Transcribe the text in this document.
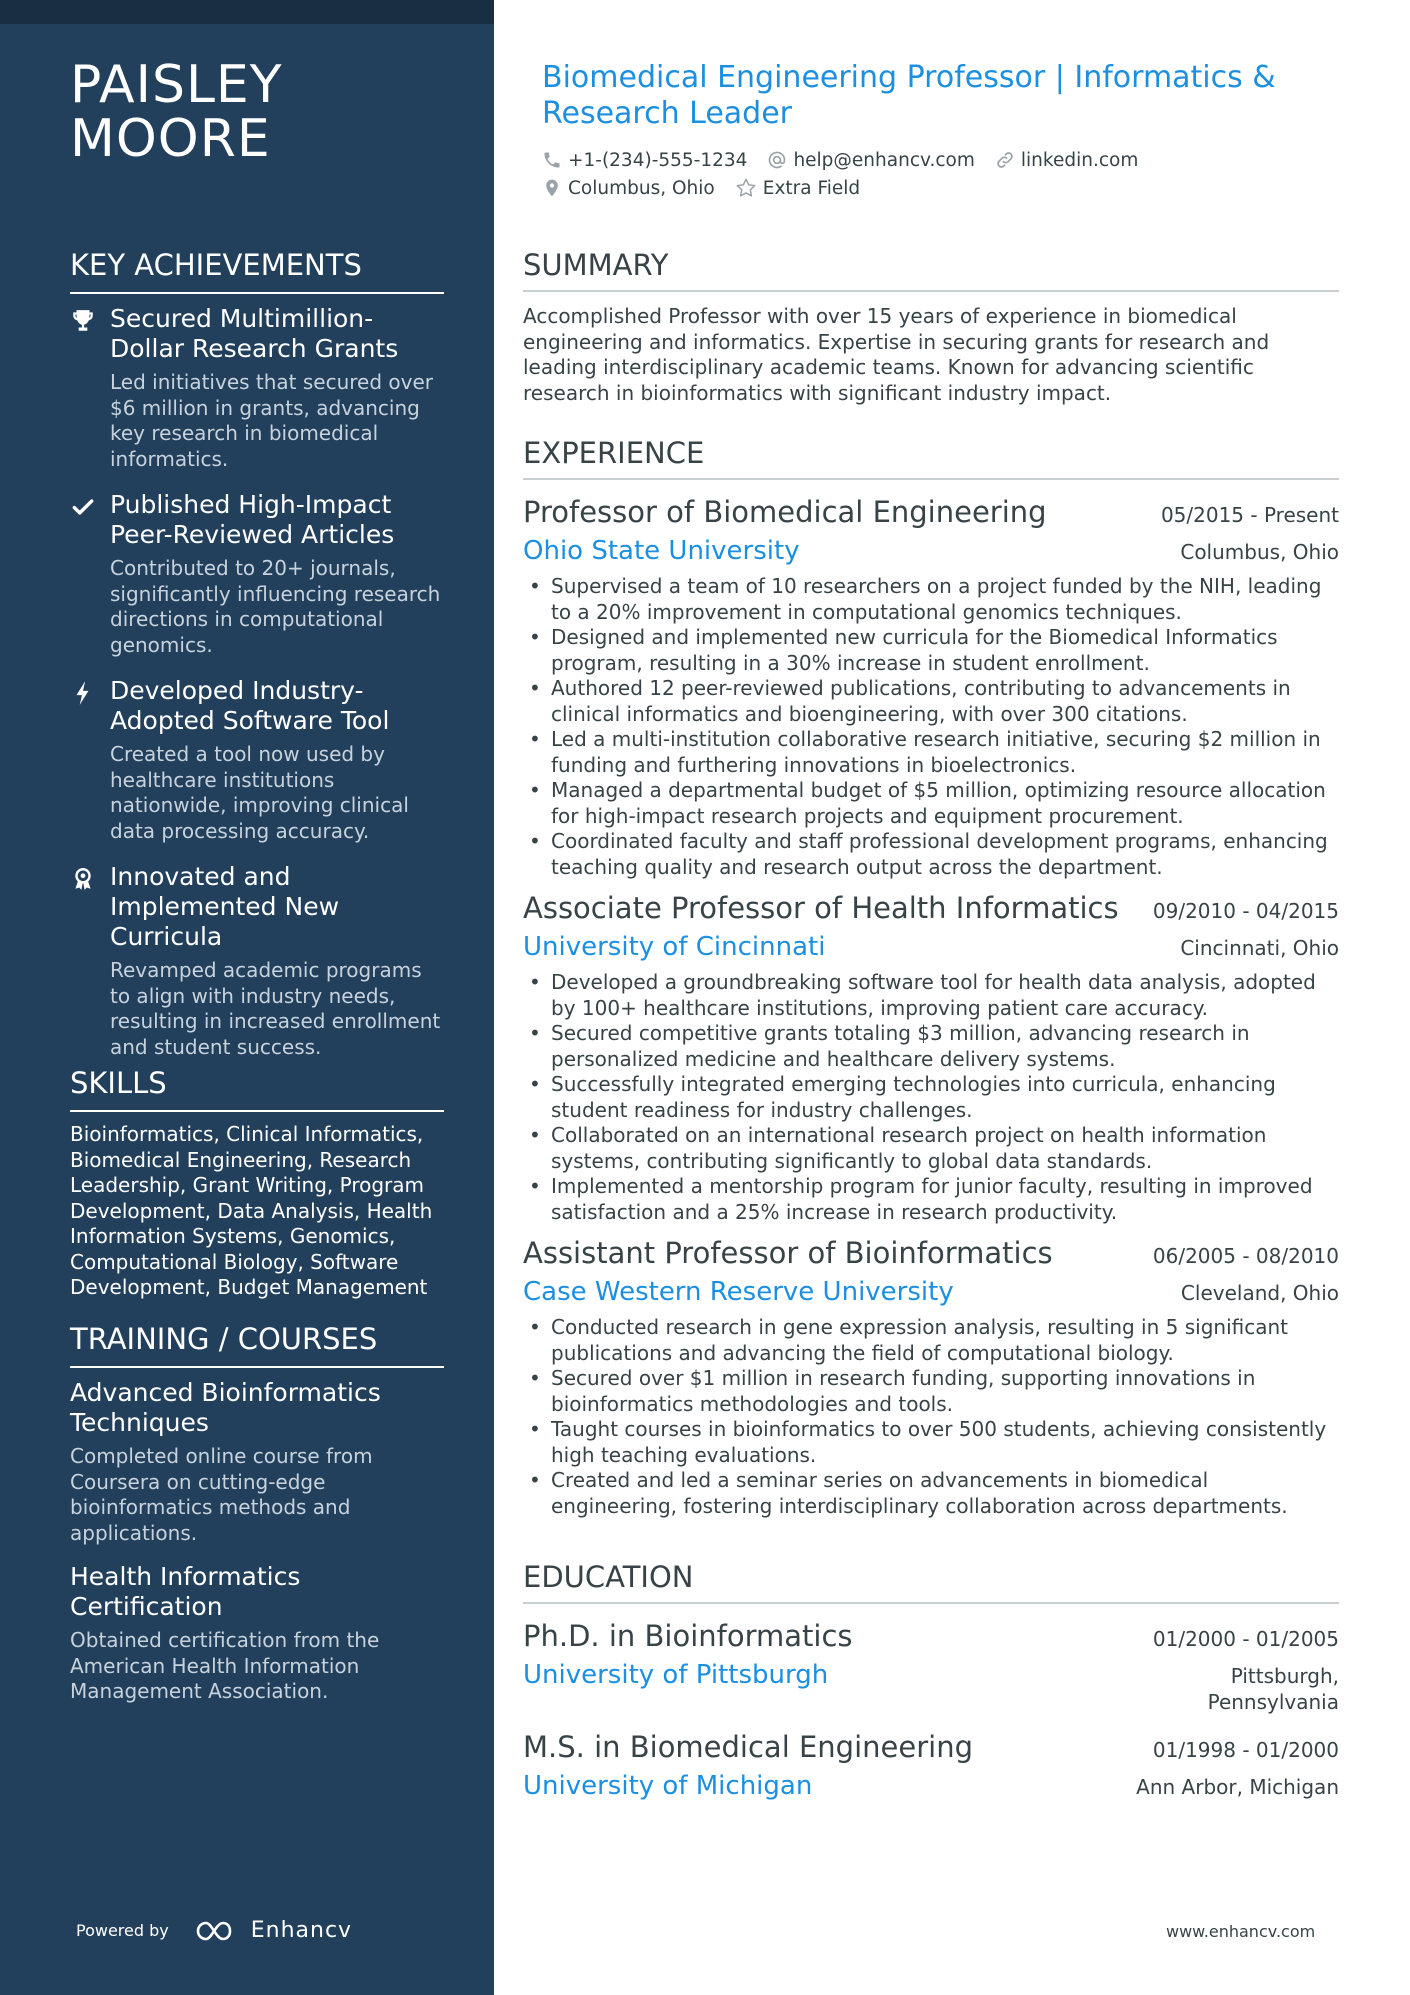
PAISLEY
MOORE
KEY ACHIEVEMENTS
Secured Multimillion-Dollar Research Grants
Led initiatives that secured over $6 million in grants, advancing key research in biomedical informatics.
Published High-Impact Peer-Reviewed Articles
Contributed to 20+ journals, significantly influencing research directions in computational genomics.
Developed Industry-Adopted Software Tool
Created a tool now used by healthcare institutions nationwide, improving clinical data processing accuracy.
Innovated and Implemented New Curricula
Revamped academic programs to align with industry needs, resulting in increased enrollment and student success.
SKILLS
Bioinformatics, Clinical Informatics, Biomedical Engineering, Research Leadership, Grant Writing, Program Development, Data Analysis, Health Information Systems, Genomics, Computational Biology, Software Development, Budget Management
TRAINING / COURSES
Advanced Bioinformatics Techniques
Completed online course from Coursera on cutting-edge bioinformatics methods and applications.
Health Informatics Certification
Obtained certification from the American Health Information Management Association.
Powered by	Enhancv
Biomedical Engineering Professor | Informatics & Research Leader
+1-(234)-555-1234 help@enhancv.com linkedin.com
Columbus, Ohio	Extra Field
SUMMARY
Accomplished Professor with over 15 years of experience in biomedical engineering and informatics. Expertise in securing grants for research and leading interdisciplinary academic teams. Known for advancing scientific research in bioinformatics with significant industry impact.
EXPERIENCE
Professor of Biomedical Engineering	05/2015 - Present
Ohio State University	Columbus, Ohio
• Supervised a team of 10 researchers on a project funded by the NIH, leading to a 20% improvement in computational genomics techniques.
• Designed and implemented new curricula for the Biomedical Informatics program, resulting in a 30% increase in student enrollment.
• Authored 12 peer-reviewed publications, contributing to advancements in clinical informatics and bioengineering, with over 300 citations.
• Led a multi-institution collaborative research initiative, securing $2 million in funding and furthering innovations in bioelectronics.
• Managed a departmental budget of $5 million, optimizing resource allocation for high-impact research projects and equipment procurement.
• Coordinated faculty and staff professional development programs, enhancing teaching quality and research output across the department.
Associate Professor of Health Informatics 09/2010 - 04/2015
University of Cincinnati	Cincinnati, Ohio
• Developed a groundbreaking software tool for health data analysis, adopted by 100+ healthcare institutions, improving patient care accuracy.
• Secured competitive grants totaling $3 million, advancing research in personalized medicine and healthcare delivery systems.
• Successfully integrated emerging technologies into curricula, enhancing student readiness for industry challenges.
• Collaborated on an international research project on health information systems, contributing significantly to global data standards.
• Implemented a mentorship program for junior faculty, resulting in improved satisfaction and a 25% increase in research productivity.
Assistant Professor of Bioinformatics	06/2005 - 08/2010
Case Western Reserve University	Cleveland, Ohio
• Conducted research in gene expression analysis, resulting in 5 significant publications and advancing the field of computational biology.
• Secured over $1 million in research funding, supporting innovations in bioinformatics methodologies and tools.
• Taught courses in bioinformatics to over 500 students, achieving consistently high teaching evaluations.
• Created and led a seminar series on advancements in biomedical engineering, fostering interdisciplinary collaboration across departments.
EDUCATION
Ph.D. in Bioinformatics	01/2000 - 01/2005
University of Pittsburgh	Pittsburgh,
Pennsylvania
M.S. in Biomedical Engineering	01/1998 - 01/2000
University of Michigan	Ann Arbor, Michigan
www.enhancv.com
